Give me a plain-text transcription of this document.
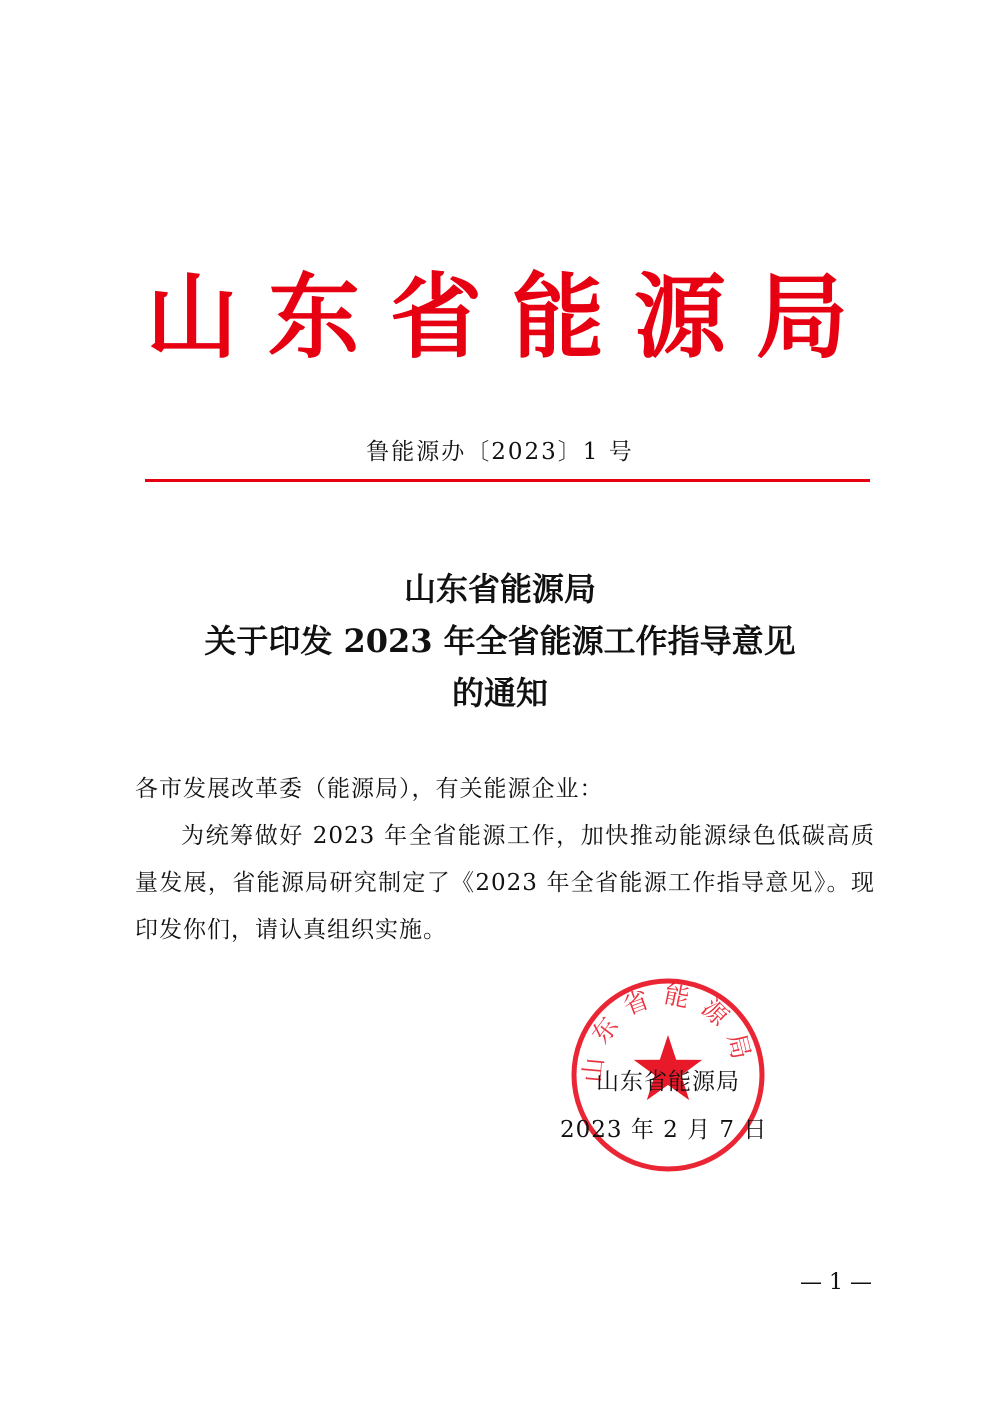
山东省能源局
鲁能源办〔2023〕1 号
山东省能源局
关于印发 2023 年全省能源工作指导意见
的通知

各市发展改革委（能源局），有关能源企业：

为统筹做好 2023 年全省能源工作，加快推动能源绿色低碳高质量发展，省能源局研究制定了《2023 年全省能源工作指导意见》。现印发你们，请认真组织实施。

山东省能源局
山东省能源局
2023 年 2 月 7 日
— 1 —
